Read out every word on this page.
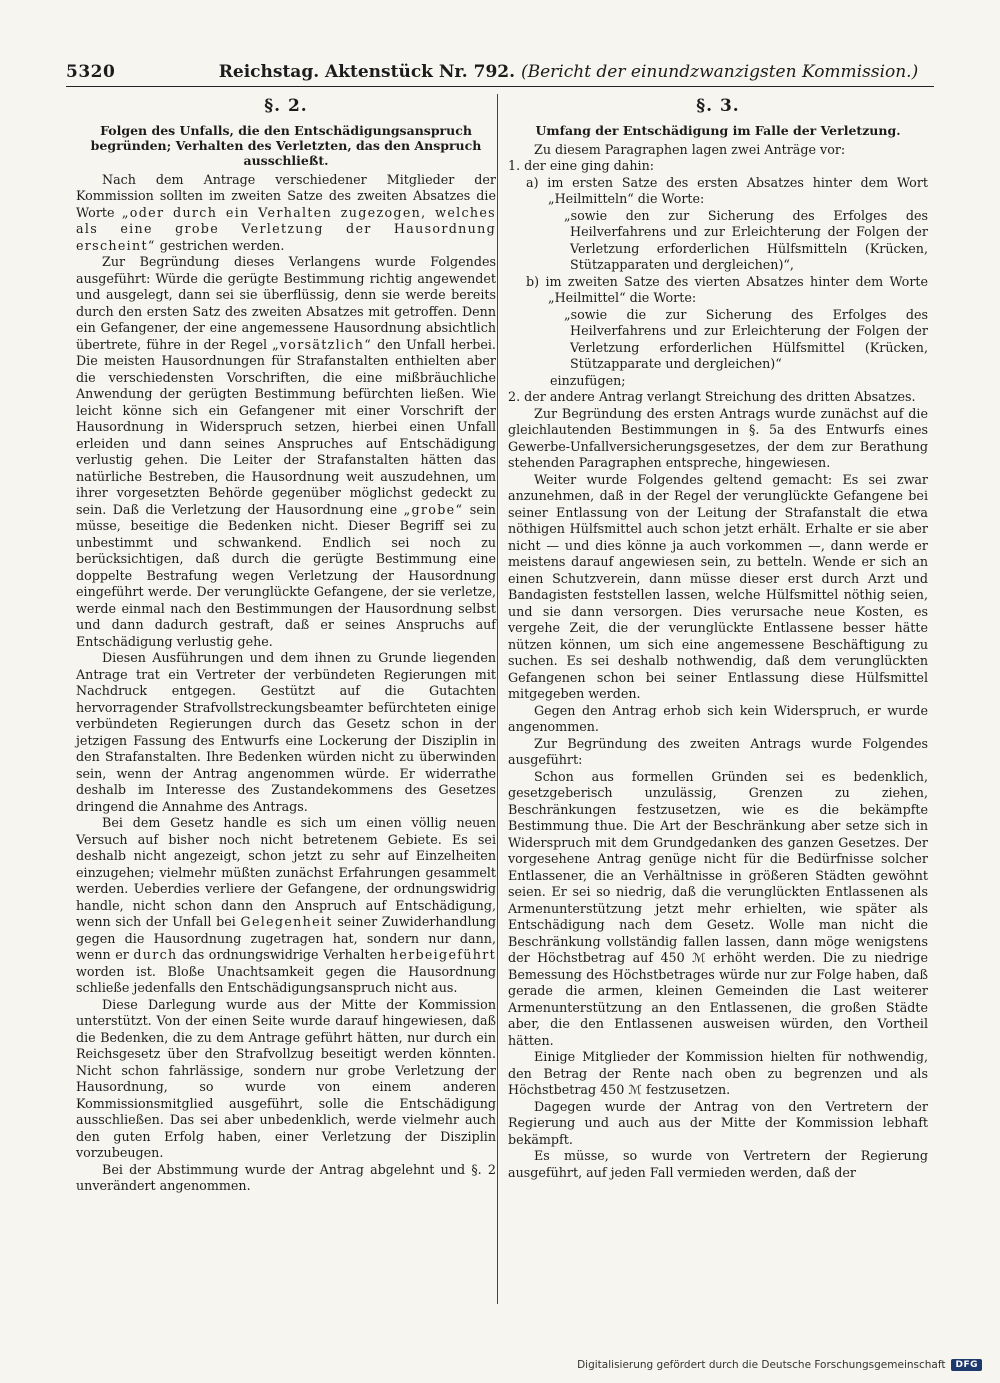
5320	Reichstag. Aktenstück Nr. 792. (Bericht der einundzwanzigsten Kommission.)
§. 2.
Folgen des Unfalls, die den Entschädigungsanspruch begründen; Verhalten des Verletzten, das den Anspruch ausschließt.

Nach dem Antrage verschiedener Mitglieder der Kommission sollten im zweiten Satze des zweiten Absatzes die Worte „oder durch ein Verhalten zugezogen, welches als eine grobe Verletzung der Hausordnung erscheint“ gestrichen werden.

Zur Begründung dieses Verlangens wurde Folgendes ausgeführt: Würde die gerügte Bestimmung richtig angewendet und ausgelegt, dann sei sie überflüssig, denn sie werde bereits durch den ersten Satz des zweiten Absatzes mit getroffen. Denn ein Gefangener, der eine angemessene Hausordnung absichtlich übertrete, führe in der Regel „vorsätzlich“ den Unfall herbei. Die meisten Hausordnungen für Strafanstalten enthielten aber die verschiedensten Vorschriften, die eine mißbräuchliche Anwendung der gerügten Bestimmung befürchten ließen. Wie leicht könne sich ein Gefangener mit einer Vorschrift der Hausordnung in Widerspruch setzen, hierbei einen Unfall erleiden und dann seines Anspruches auf Entschädigung verlustig gehen. Die Leiter der Strafanstalten hätten das natürliche Bestreben, die Hausordnung weit auszudehnen, um ihrer vorgesetzten Behörde gegenüber möglichst gedeckt zu sein. Daß die Verletzung der Hausordnung eine „grobe“ sein müsse, beseitige die Bedenken nicht. Dieser Begriff sei zu unbestimmt und schwankend. Endlich sei noch zu berücksichtigen, daß durch die gerügte Bestimmung eine doppelte Bestrafung wegen Verletzung der Hausordnung eingeführt werde. Der verunglückte Gefangene, der sie verletze, werde einmal nach den Bestimmungen der Hausordnung selbst und dann dadurch gestraft, daß er seines Anspruchs auf Entschädigung verlustig gehe.

Diesen Ausführungen und dem ihnen zu Grunde liegenden Antrage trat ein Vertreter der verbündeten Regierungen mit Nachdruck entgegen. Gestützt auf die Gutachten hervorragender Strafvollstreckungsbeamter befürchteten einige verbündeten Regierungen durch das Gesetz schon in der jetzigen Fassung des Entwurfs eine Lockerung der Disziplin in den Strafanstalten. Ihre Bedenken würden nicht zu überwinden sein, wenn der Antrag angenommen würde. Er widerrathe deshalb im Interesse des Zustandekommens des Gesetzes dringend die Annahme des Antrags.

Bei dem Gesetz handle es sich um einen völlig neuen Versuch auf bisher noch nicht betretenem Gebiete. Es sei deshalb nicht angezeigt, schon jetzt zu sehr auf Einzelheiten einzugehen; vielmehr müßten zunächst Erfahrungen gesammelt werden. Ueberdies verliere der Gefangene, der ordnungswidrig handle, nicht schon dann den Anspruch auf Entschädigung, wenn sich der Unfall bei Gelegenheit seiner Zuwiderhandlung gegen die Hausordnung zugetragen hat, sondern nur dann, wenn er durch das ordnungswidrige Verhalten herbeigeführt worden ist. Bloße Unachtsamkeit gegen die Hausordnung schließe jedenfalls den Entschädigungsanspruch nicht aus.

Diese Darlegung wurde aus der Mitte der Kommission unterstützt. Von der einen Seite wurde darauf hingewiesen, daß die Bedenken, die zu dem Antrage geführt hätten, nur durch ein Reichsgesetz über den Strafvollzug beseitigt werden könnten. Nicht schon fahrlässige, sondern nur grobe Verletzung der Hausordnung, so wurde von einem anderen Kommissionsmitglied ausgeführt, solle die Entschädigung ausschließen. Das sei aber unbedenklich, werde vielmehr auch den guten Erfolg haben, einer Verletzung der Disziplin vorzubeugen.

Bei der Abstimmung wurde der Antrag abgelehnt und §. 2 unverändert angenommen.

§. 3.
Umfang der Entschädigung im Falle der Verletzung.

Zu diesem Paragraphen lagen zwei Anträge vor:

1. der eine ging dahin:
a) im ersten Satze des ersten Absatzes hinter dem Wort „Heilmitteln“ die Worte:
„sowie den zur Sicherung des Erfolges des Heilverfahrens und zur Erleichterung der Folgen der Verletzung erforderlichen Hülfsmitteln (Krücken, Stützapparaten und dergleichen)“,
b) im zweiten Satze des vierten Absatzes hinter dem Worte „Heilmittel“ die Worte:
„sowie die zur Sicherung des Erfolges des Heilverfahrens und zur Erleichterung der Folgen der Verletzung erforderlichen Hülfsmittel (Krücken, Stützapparate und dergleichen)“
einzufügen;
2. der andere Antrag verlangt Streichung des dritten Absatzes.

Zur Begründung des ersten Antrags wurde zunächst auf die gleichlautenden Bestimmungen in §. 5a des Entwurfs eines Gewerbe-Unfallversicherungsgesetzes, der dem zur Berathung stehenden Paragraphen entspreche, hingewiesen.

Weiter wurde Folgendes geltend gemacht: Es sei zwar anzunehmen, daß in der Regel der verunglückte Gefangene bei seiner Entlassung von der Leitung der Strafanstalt die etwa nöthigen Hülfsmittel auch schon jetzt erhält. Erhalte er sie aber nicht — und dies könne ja auch vorkommen —, dann werde er meistens darauf angewiesen sein, zu betteln. Wende er sich an einen Schutzverein, dann müsse dieser erst durch Arzt und Bandagisten feststellen lassen, welche Hülfsmittel nöthig seien, und sie dann versorgen. Dies verursache neue Kosten, es vergehe Zeit, die der verunglückte Entlassene besser hätte nützen können, um sich eine angemessene Beschäftigung zu suchen. Es sei deshalb nothwendig, daß dem verunglückten Gefangenen schon bei seiner Entlassung diese Hülfsmittel mitgegeben werden.

Gegen den Antrag erhob sich kein Widerspruch, er wurde angenommen.

Zur Begründung des zweiten Antrags wurde Folgendes ausgeführt:

Schon aus formellen Gründen sei es bedenklich, gesetzgeberisch unzulässig, Grenzen zu ziehen, Beschränkungen festzusetzen, wie es die bekämpfte Bestimmung thue. Die Art der Beschränkung aber setze sich in Widerspruch mit dem Grundgedanken des ganzen Gesetzes. Der vorgesehene Antrag genüge nicht für die Bedürfnisse solcher Entlassener, die an Verhältnisse in größeren Städten gewöhnt seien. Er sei so niedrig, daß die verunglückten Entlassenen als Armenunterstützung jetzt mehr erhielten, wie später als Entschädigung nach dem Gesetz. Wolle man nicht die Beschränkung vollständig fallen lassen, dann möge wenigstens der Höchstbetrag auf 450 ℳ erhöht werden. Die zu niedrige Bemessung des Höchstbetrages würde nur zur Folge haben, daß gerade die armen, kleinen Gemeinden die Last weiterer Armenunterstützung an den Entlassenen, die großen Städte aber, die den Entlassenen ausweisen würden, den Vortheil hätten.

Einige Mitglieder der Kommission hielten für nothwendig, den Betrag der Rente nach oben zu begrenzen und als Höchstbetrag 450 ℳ festzusetzen.

Dagegen wurde der Antrag von den Vertretern der Regierung und auch aus der Mitte der Kommission lebhaft bekämpft.

Es müsse, so wurde von Vertretern der Regierung ausgeführt, auf jeden Fall vermieden werden, daß der

Digitalisierung gefördert durch die Deutsche Forschungsgemeinschaft	DFG
